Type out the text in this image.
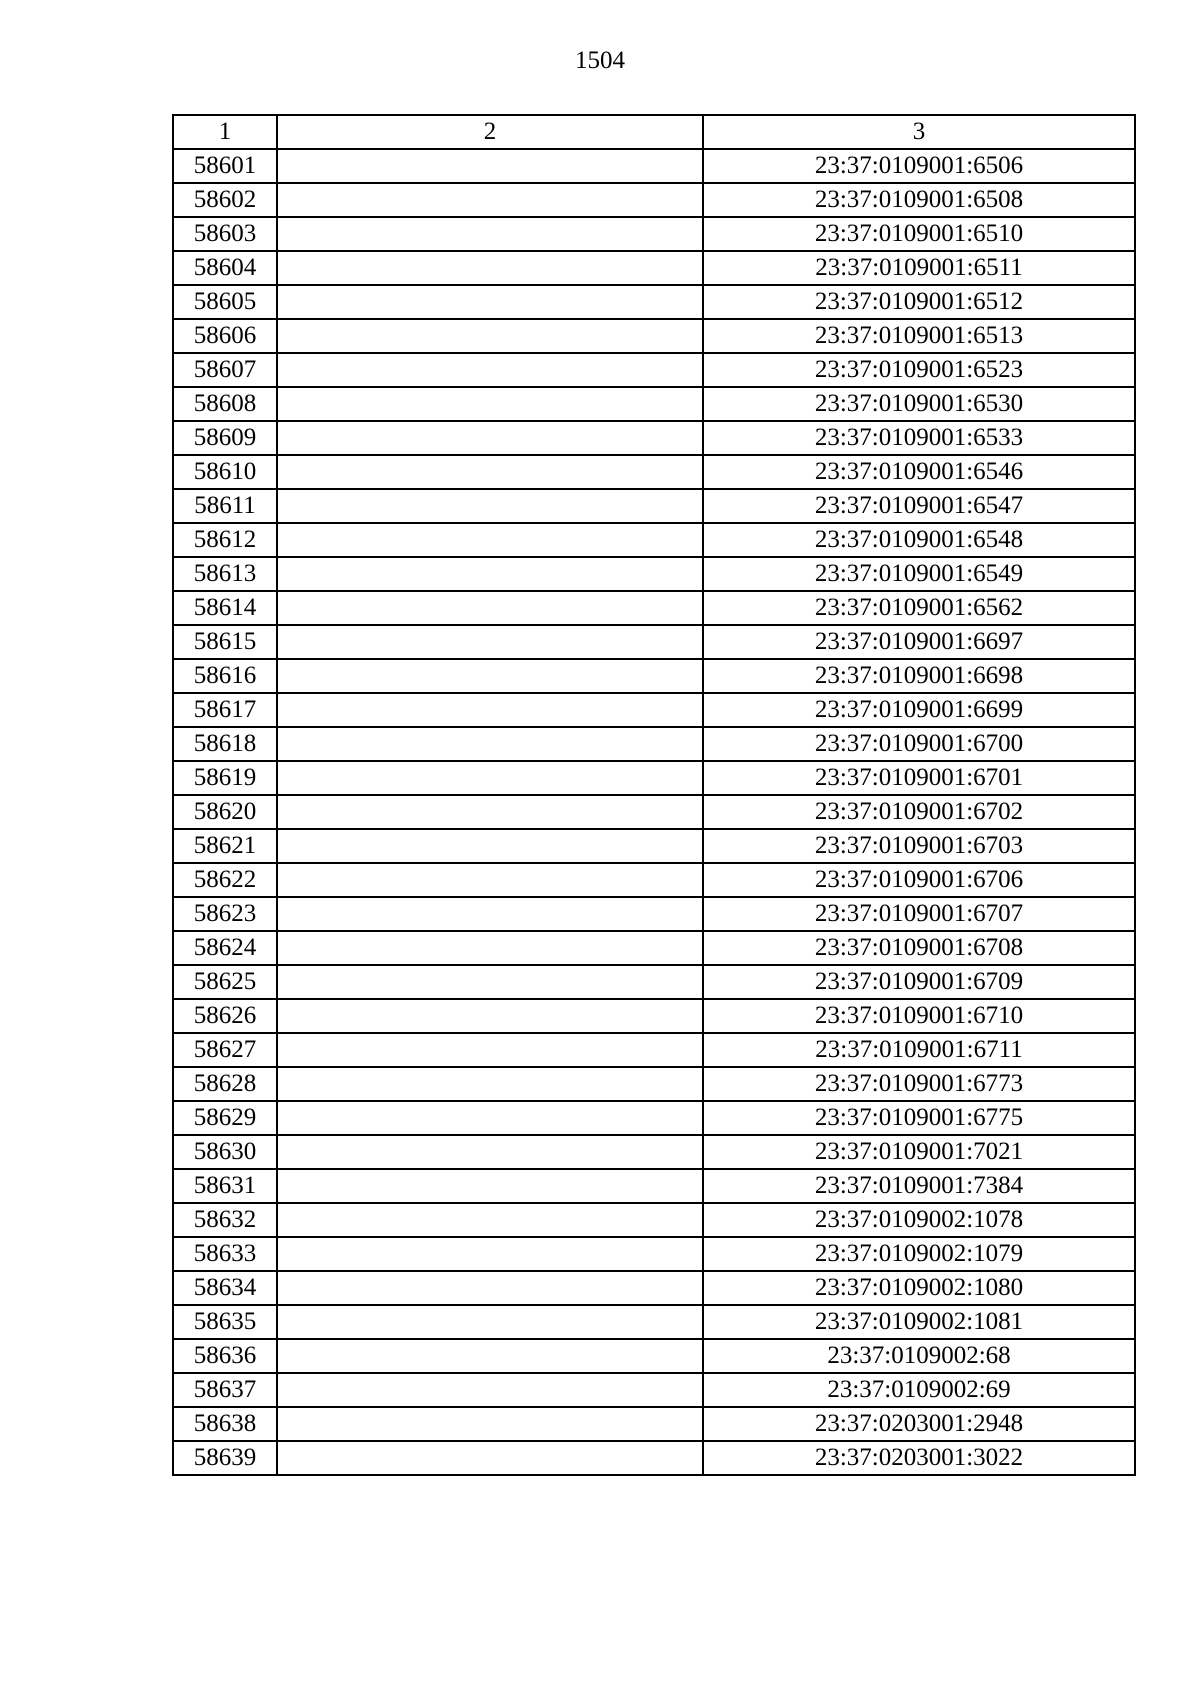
1504
1	2	3
58601		23:37:0109001:6506
58602		23:37:0109001:6508
58603		23:37:0109001:6510
58604		23:37:0109001:6511
58605		23:37:0109001:6512
58606		23:37:0109001:6513
58607		23:37:0109001:6523
58608		23:37:0109001:6530
58609		23:37:0109001:6533
58610		23:37:0109001:6546
58611		23:37:0109001:6547
58612		23:37:0109001:6548
58613		23:37:0109001:6549
58614		23:37:0109001:6562
58615		23:37:0109001:6697
58616		23:37:0109001:6698
58617		23:37:0109001:6699
58618		23:37:0109001:6700
58619		23:37:0109001:6701
58620		23:37:0109001:6702
58621		23:37:0109001:6703
58622		23:37:0109001:6706
58623		23:37:0109001:6707
58624		23:37:0109001:6708
58625		23:37:0109001:6709
58626		23:37:0109001:6710
58627		23:37:0109001:6711
58628		23:37:0109001:6773
58629		23:37:0109001:6775
58630		23:37:0109001:7021
58631		23:37:0109001:7384
58632		23:37:0109002:1078
58633		23:37:0109002:1079
58634		23:37:0109002:1080
58635		23:37:0109002:1081
58636		23:37:0109002:68
58637		23:37:0109002:69
58638		23:37:0203001:2948
58639		23:37:0203001:3022
